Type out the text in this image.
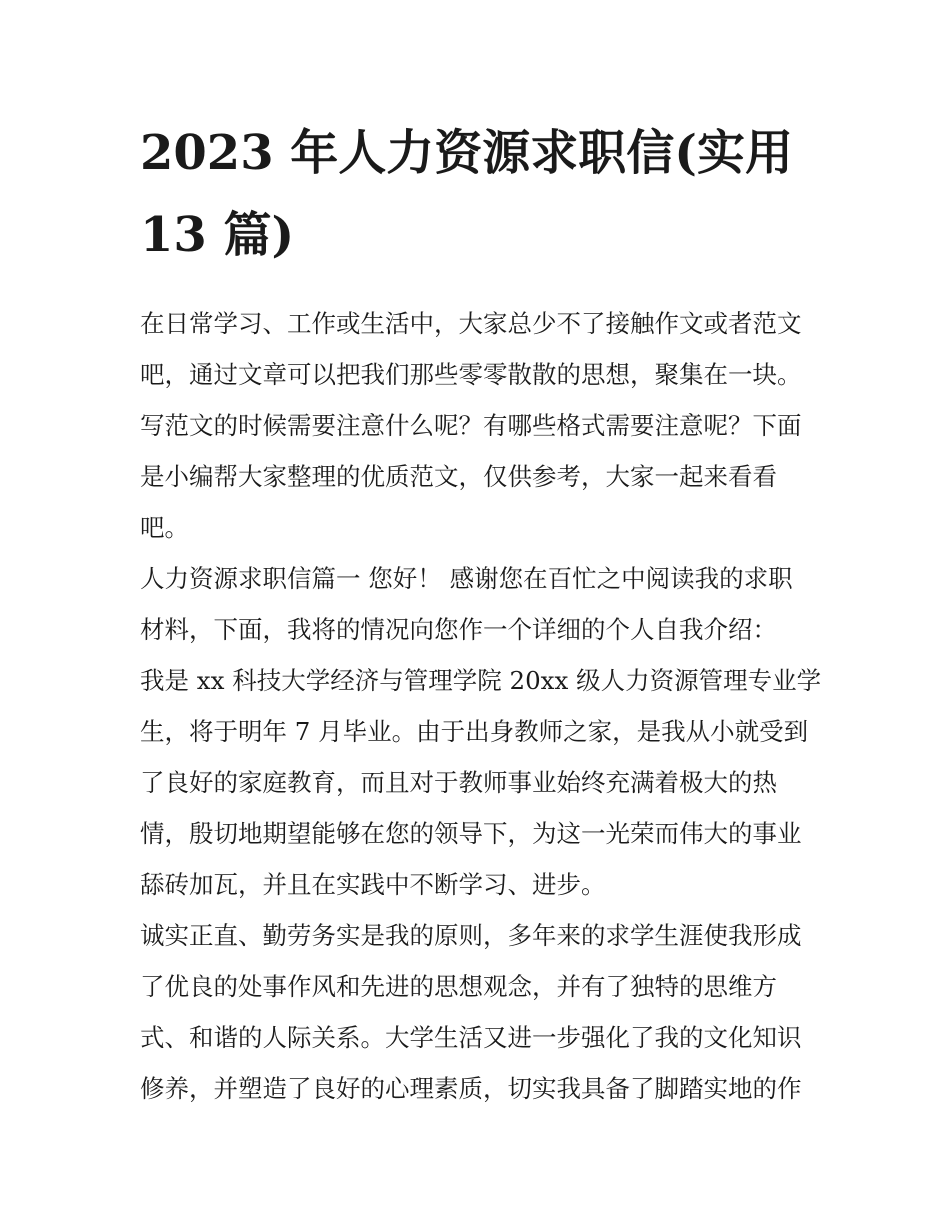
2023 年人力资源求职信(实用
13 篇)
在日常学习、工作或生活中，大家总少不了接触作文或者范文
吧，通过文章可以把我们那些零零散散的思想，聚集在一块。
写范文的时候需要注意什么呢？有哪些格式需要注意呢？下面
是小编帮大家整理的优质范文，仅供参考，大家一起来看看
吧。
人力资源求职信篇一 您好！ 感谢您在百忙之中阅读我的求职
材料，下面，我将的情况向您作一个详细的个人自我介绍：
我是 xx 科技大学经济与管理学院 20xx 级人力资源管理专业学
生，将于明年 7 月毕业。由于出身教师之家，是我从小就受到
了良好的家庭教育，而且对于教师事业始终充满着极大的热
情，殷切地期望能够在您的领导下，为这一光荣而伟大的事业
舔砖加瓦，并且在实践中不断学习、进步。
诚实正直、勤劳务实是我的原则，多年来的求学生涯使我形成
了优良的处事作风和先进的思想观念，并有了独特的思维方
式、和谐的人际关系。大学生活又进一步强化了我的文化知识
修养，并塑造了良好的心理素质，切实我具备了脚踏实地的作
